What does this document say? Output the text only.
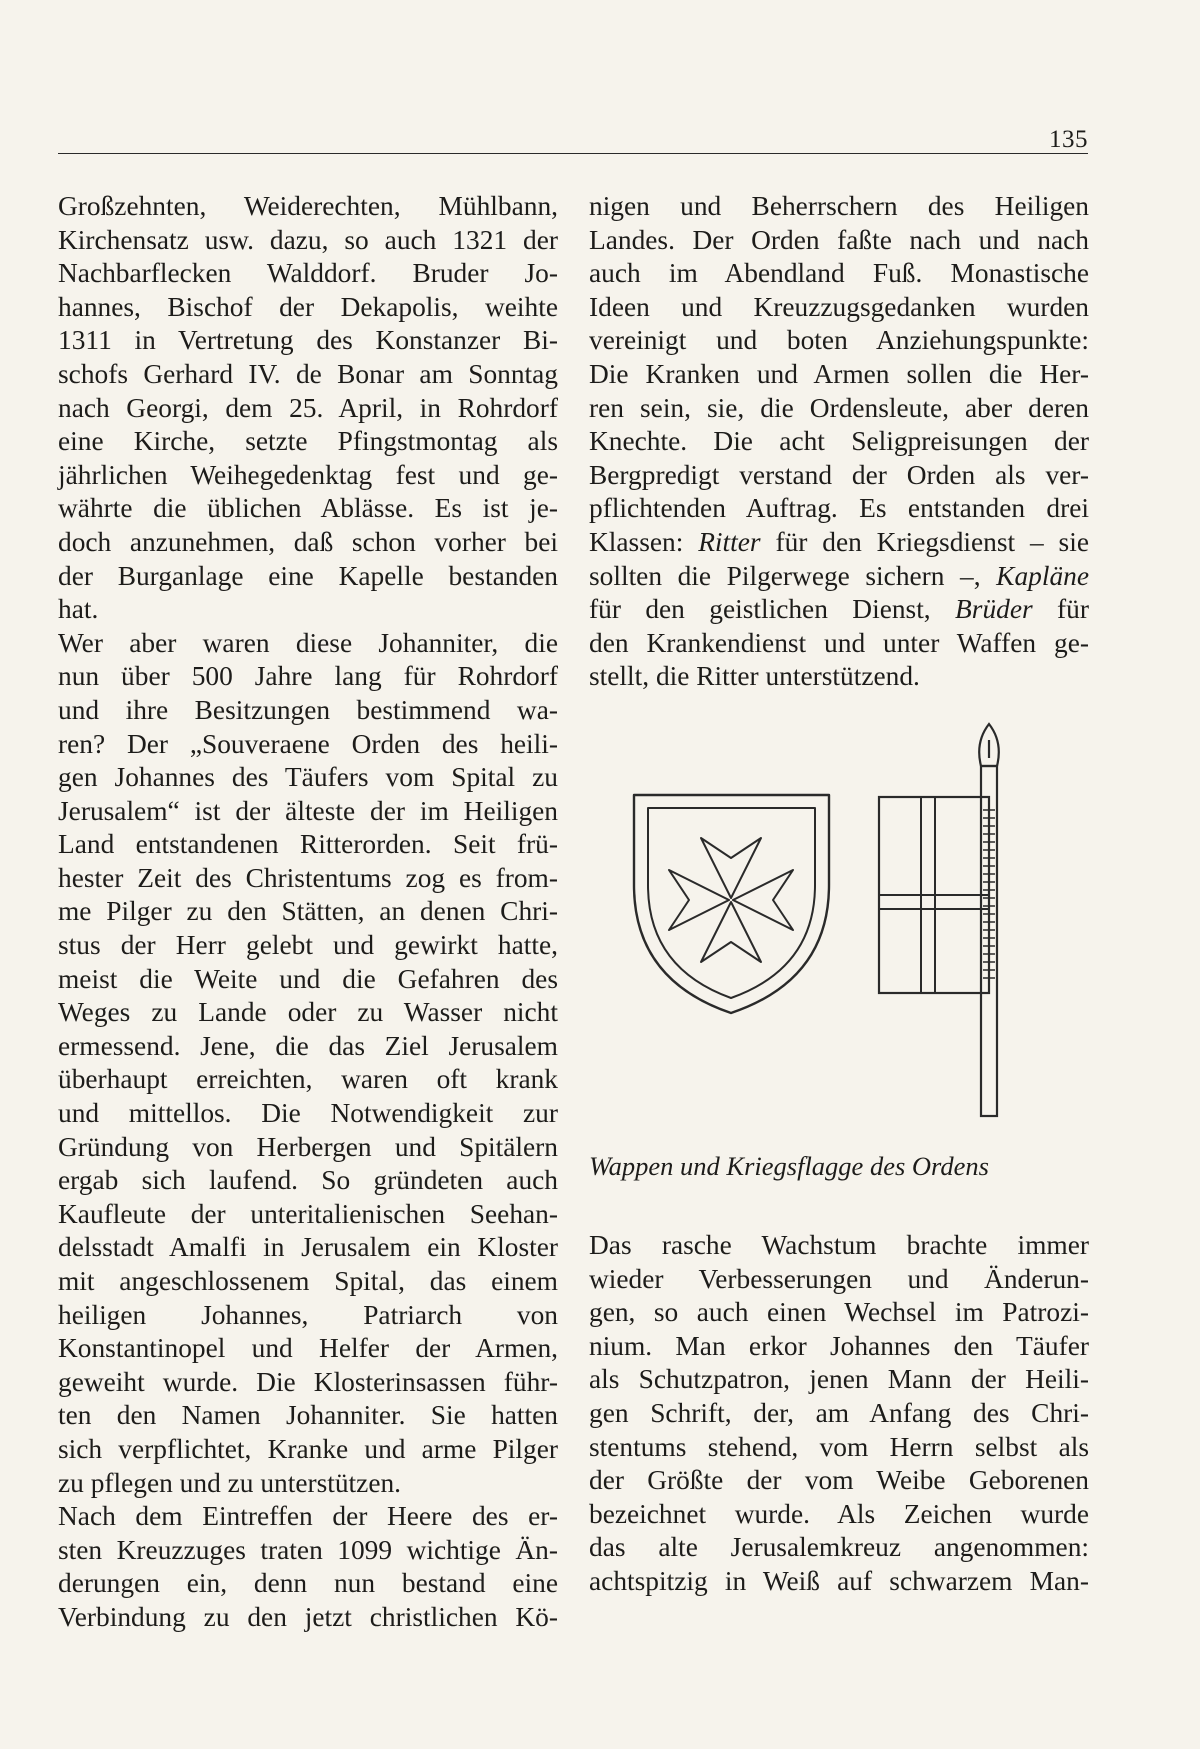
135
Großzehnten, Weiderechten, Mühlbann,
Kirchensatz usw. dazu, so auch 1321 der
Nachbarflecken Walddorf. Bruder Jo-
hannes, Bischof der Dekapolis, weihte
1311 in Vertretung des Konstanzer Bi-
schofs Gerhard IV. de Bonar am Sonntag
nach Georgi, dem 25. April, in Rohrdorf
eine Kirche, setzte Pfingstmontag als
jährlichen Weihegedenktag fest und ge-
währte die üblichen Ablässe. Es ist je-
doch anzunehmen, daß schon vorher bei
der Burganlage eine Kapelle bestanden
hat.
Wer aber waren diese Johanniter, die
nun über 500 Jahre lang für Rohrdorf
und ihre Besitzungen bestimmend wa-
ren? Der „Souveraene Orden des heili-
gen Johannes des Täufers vom Spital zu
Jerusalem“ ist der älteste der im Heiligen
Land entstandenen Ritterorden. Seit frü-
hester Zeit des Christentums zog es from-
me Pilger zu den Stätten, an denen Chri-
stus der Herr gelebt und gewirkt hatte,
meist die Weite und die Gefahren des
Weges zu Lande oder zu Wasser nicht
ermessend. Jene, die das Ziel Jerusalem
überhaupt erreichten, waren oft krank
und mittellos. Die Notwendigkeit zur
Gründung von Herbergen und Spitälern
ergab sich laufend. So gründeten auch
Kaufleute der unteritalienischen Seehan-
delsstadt Amalfi in Jerusalem ein Kloster
mit angeschlossenem Spital, das einem
heiligen Johannes, Patriarch von
Konstantinopel und Helfer der Armen,
geweiht wurde. Die Klosterinsassen führ-
ten den Namen Johanniter. Sie hatten
sich verpflichtet, Kranke und arme Pilger
zu pflegen und zu unterstützen.
Nach dem Eintreffen der Heere des er-
sten Kreuzzuges traten 1099 wichtige Än-
derungen ein, denn nun bestand eine
Verbindung zu den jetzt christlichen Kö-
nigen und Beherrschern des Heiligen
Landes. Der Orden faßte nach und nach
auch im Abendland Fuß. Monastische
Ideen und Kreuzzugsgedanken wurden
vereinigt und boten Anziehungspunkte:
Die Kranken und Armen sollen die Her-
ren sein, sie, die Ordensleute, aber deren
Knechte. Die acht Seligpreisungen der
Bergpredigt verstand der Orden als ver-
pflichtenden Auftrag. Es entstanden drei
Klassen: Ritter für den Kriegsdienst – sie
sollten die Pilgerwege sichern –, Kapläne
für den geistlichen Dienst, Brüder für
den Krankendienst und unter Waffen ge-
stellt, die Ritter unterstützend.
Wappen und Kriegsflagge des Ordens
Das rasche Wachstum brachte immer
wieder Verbesserungen und Änderun-
gen, so auch einen Wechsel im Patrozi-
nium. Man erkor Johannes den Täufer
als Schutzpatron, jenen Mann der Heili-
gen Schrift, der, am Anfang des Chri-
stentums stehend, vom Herrn selbst als
der Größte der vom Weibe Geborenen
bezeichnet wurde. Als Zeichen wurde
das alte Jerusalemkreuz angenommen:
achtspitzig in Weiß auf schwarzem Man-
